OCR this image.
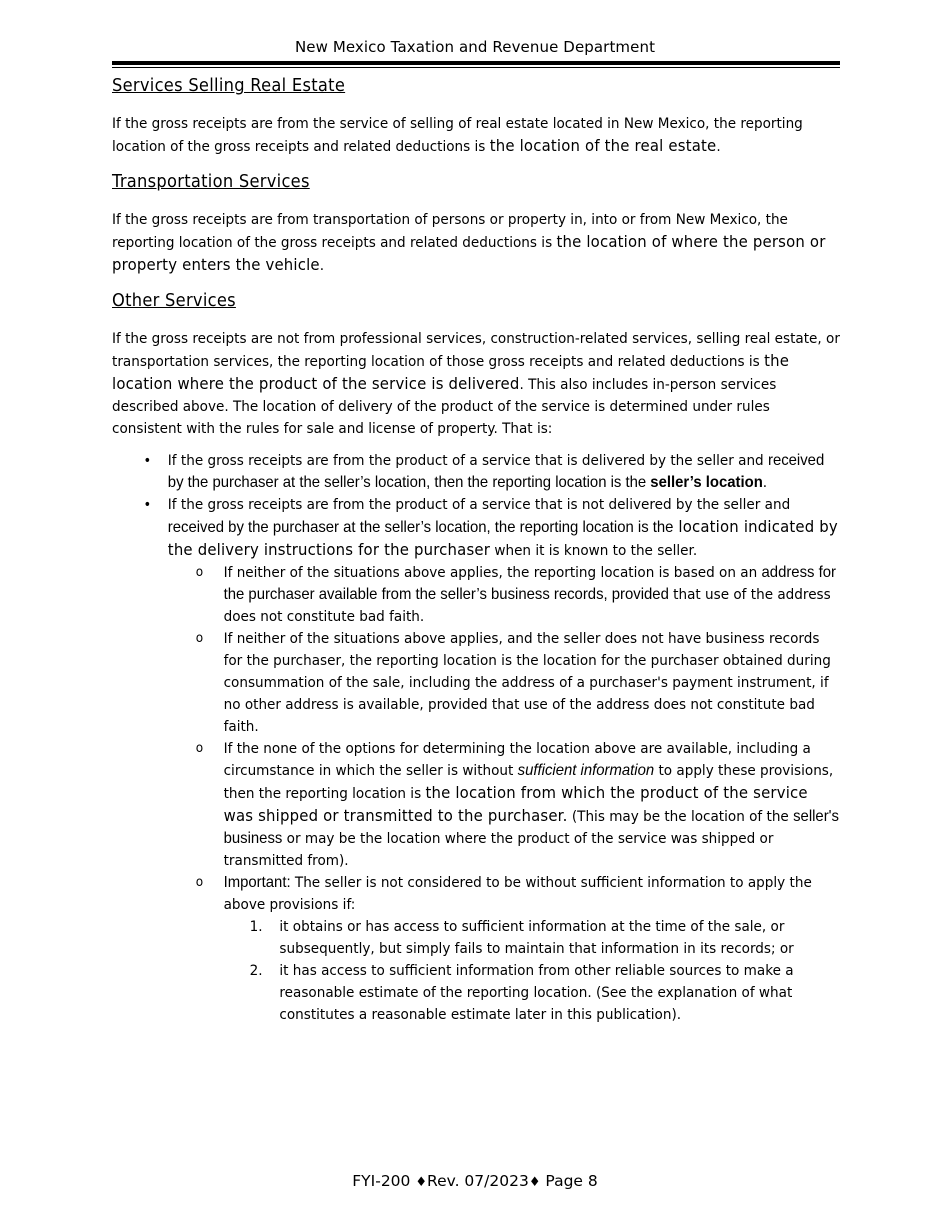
New Mexico Taxation and Revenue Department
Services Selling Real Estate

If the gross receipts are from the service of selling of real estate located in New Mexico, the reporting location of the gross receipts and related deductions is the location of the real estate.

Transportation Services

If the gross receipts are from transportation of persons or property in, into or from New Mexico, the reporting location of the gross receipts and related deductions is the location of where the person or property enters the vehicle.

Other Services

If the gross receipts are not from professional services, construction-related services, selling real estate, or transportation services, the reporting location of those gross receipts and related deductions is the location where the product of the service is delivered. This also includes in-person services described above. The location of delivery of the product of the service is determined under rules consistent with the rules for sale and license of property. That is:

•	If the gross receipts are from the product of a service that is delivered by the seller and received by the purchaser at the seller’s location, then the reporting location is the seller’s location.
•	If the gross receipts are from the product of a service that is not delivered by the seller and received by the purchaser at the seller’s location, the reporting location is the location indicated by the delivery instructions for the purchaser when it is known to the seller.
o	If neither of the situations above applies, the reporting location is based on an address for the purchaser available from the seller’s business records, provided that use of the address does not constitute bad faith.
o	If neither of the situations above applies, and the seller does not have business records for the purchaser, the reporting location is the location for the purchaser obtained during consummation of the sale, including the address of a purchaser's payment instrument, if no other address is available, provided that use of the address does not constitute bad faith.
o	If the none of the options for determining the location above are available, including a circumstance in which the seller is without sufficient information to apply these provisions, then the reporting location is the location from which the product of the service was shipped or transmitted to the purchaser. (This may be the location of the seller's business or may be the location where the product of the service was shipped or transmitted from).
o	Important: The seller is not considered to be without sufficient information to apply the above provisions if:
1. it obtains or has access to sufficient information at the time of the sale, or subsequently, but simply fails to maintain that information in its records; or
2. it has access to sufficient information from other reliable sources to make a reasonable estimate of the reporting location. (See the explanation of what constitutes a reasonable estimate later in this publication).
FYI-200 ♦Rev. 07/2023♦ Page 8
